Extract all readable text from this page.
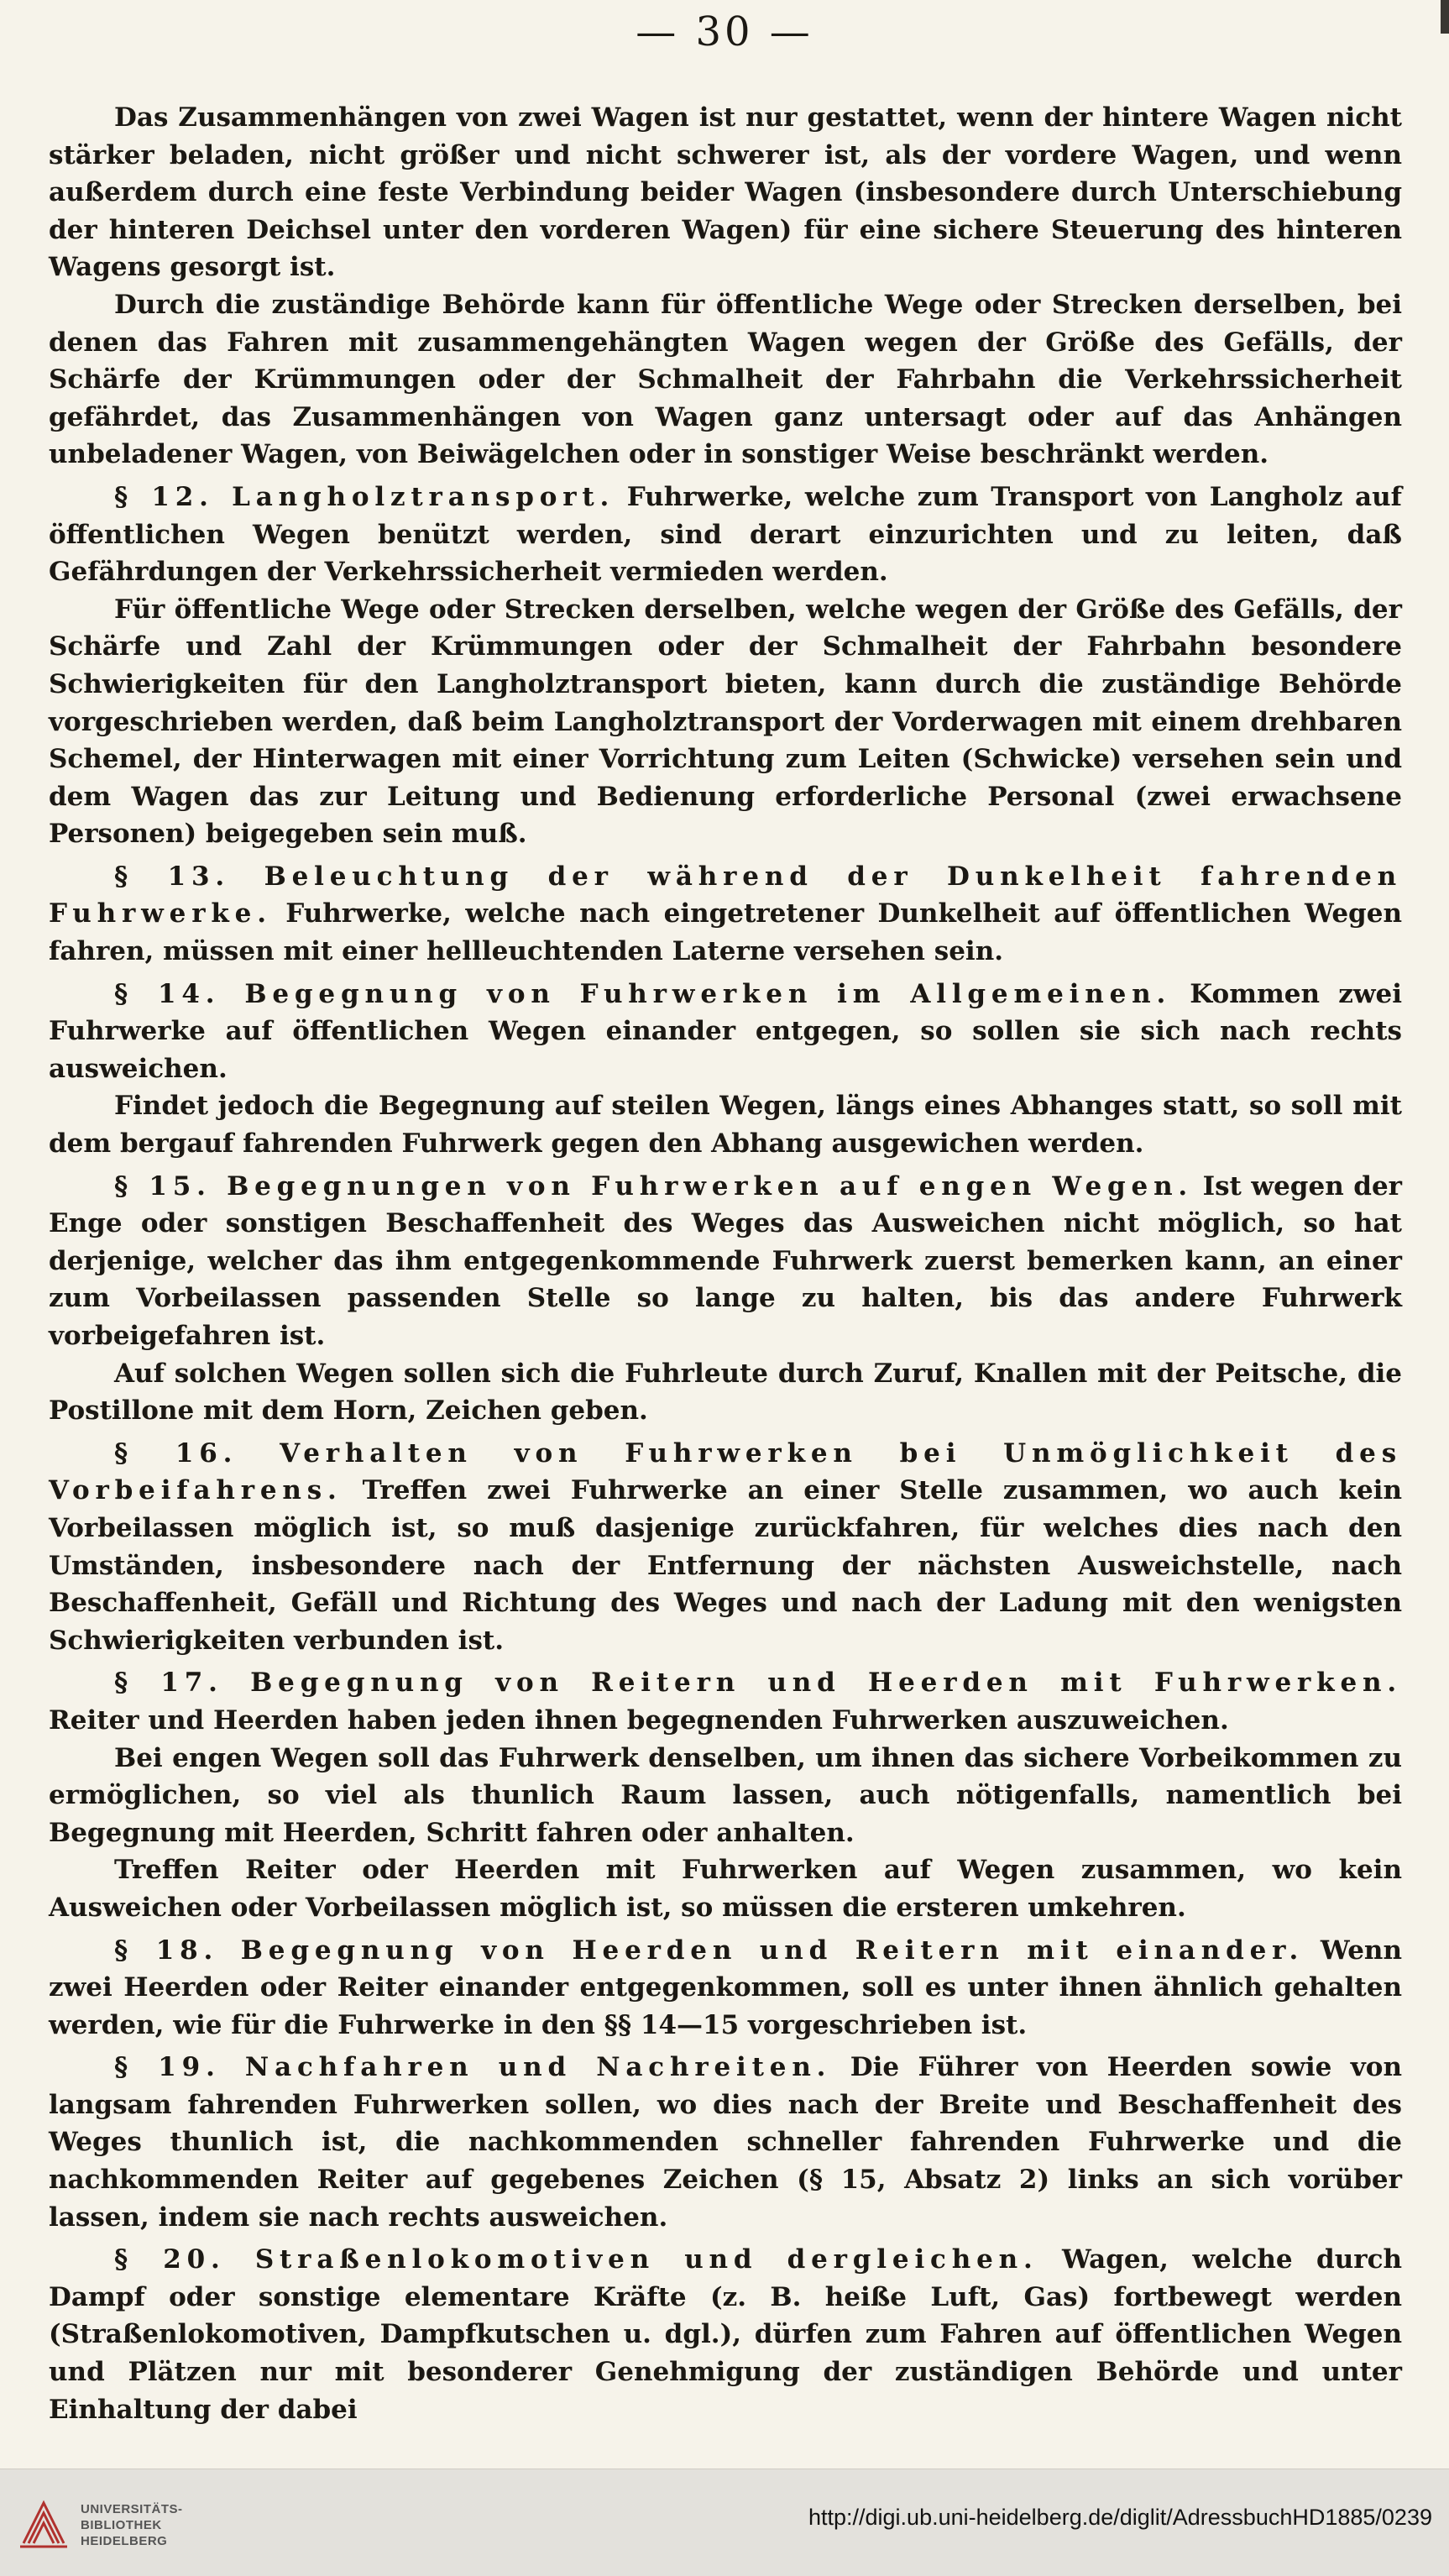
— 30 —

Das Zusammenhängen von zwei Wagen ist nur gestattet, wenn der hintere Wagen nicht stärker beladen, nicht größer und nicht schwerer ist, als der vordere Wagen, und wenn außerdem durch eine feste Verbindung beider Wagen (insbesondere durch Unterschiebung der hinteren Deichsel unter den vorderen Wagen) für eine sichere Steuerung des hinteren Wagens gesorgt ist.

Durch die zuständige Behörde kann für öffentliche Wege oder Strecken derselben, bei denen das Fahren mit zusammengehängten Wagen wegen der Größe des Gefälls, der Schärfe der Krümmungen oder der Schmalheit der Fahrbahn die Verkehrssicherheit gefährdet, das Zusammenhängen von Wagen ganz untersagt oder auf das Anhängen unbeladener Wagen, von Beiwägelchen oder in sonstiger Weise beschränkt werden.

§ 12. Langholztransport. Fuhrwerke, welche zum Transport von Langholz auf öffentlichen Wegen benützt werden, sind derart einzurichten und zu leiten, daß Gefährdungen der Verkehrssicherheit vermieden werden.

Für öffentliche Wege oder Strecken derselben, welche wegen der Größe des Gefälls, der Schärfe und Zahl der Krümmungen oder der Schmalheit der Fahrbahn besondere Schwierigkeiten für den Langholztransport bieten, kann durch die zuständige Behörde vorgeschrieben werden, daß beim Langholztransport der Vorderwagen mit einem drehbaren Schemel, der Hinterwagen mit einer Vorrichtung zum Leiten (Schwicke) versehen sein und dem Wagen das zur Leitung und Bedienung erforderliche Personal (zwei erwachsene Personen) beigegeben sein muß.

§ 13. Beleuchtung der während der Dunkelheit fahrenden Fuhrwerke. Fuhrwerke, welche nach eingetretener Dunkelheit auf öffentlichen Wegen fahren, müssen mit einer hellleuchtenden Laterne versehen sein.

§ 14. Begegnung von Fuhrwerken im Allgemeinen. Kommen zwei Fuhrwerke auf öffentlichen Wegen einander entgegen, so sollen sie sich nach rechts ausweichen.

Findet jedoch die Begegnung auf steilen Wegen, längs eines Abhanges statt, so soll mit dem bergauf fahrenden Fuhrwerk gegen den Abhang ausgewichen werden.

§ 15. Begegnungen von Fuhrwerken auf engen Wegen. Ist wegen der Enge oder sonstigen Beschaffenheit des Weges das Ausweichen nicht möglich, so hat derjenige, welcher das ihm entgegenkommende Fuhrwerk zuerst bemerken kann, an einer zum Vorbeilassen passenden Stelle so lange zu halten, bis das andere Fuhrwerk vorbeigefahren ist.

Auf solchen Wegen sollen sich die Fuhrleute durch Zuruf, Knallen mit der Peitsche, die Postillone mit dem Horn, Zeichen geben.

§ 16. Verhalten von Fuhrwerken bei Unmöglichkeit des Vorbeifahrens. Treffen zwei Fuhrwerke an einer Stelle zusammen, wo auch kein Vorbeilassen möglich ist, so muß dasjenige zurückfahren, für welches dies nach den Umständen, insbesondere nach der Entfernung der nächsten Ausweichstelle, nach Beschaffenheit, Gefäll und Richtung des Weges und nach der Ladung mit den wenigsten Schwierigkeiten verbunden ist.

§ 17. Begegnung von Reitern und Heerden mit Fuhrwerken. Reiter und Heerden haben jeden ihnen begegnenden Fuhrwerken auszuweichen.

Bei engen Wegen soll das Fuhrwerk denselben, um ihnen das sichere Vorbeikommen zu ermöglichen, so viel als thunlich Raum lassen, auch nötigenfalls, namentlich bei Begegnung mit Heerden, Schritt fahren oder anhalten.

Treffen Reiter oder Heerden mit Fuhrwerken auf Wegen zusammen, wo kein Ausweichen oder Vorbeilassen möglich ist, so müssen die ersteren umkehren.

§ 18. Begegnung von Heerden und Reitern mit einander. Wenn zwei Heerden oder Reiter einander entgegenkommen, soll es unter ihnen ähnlich gehalten werden, wie für die Fuhrwerke in den §§ 14—15 vorgeschrieben ist.

§ 19. Nachfahren und Nachreiten. Die Führer von Heerden sowie von langsam fahrenden Fuhrwerken sollen, wo dies nach der Breite und Beschaffenheit des Weges thunlich ist, die nachkommenden schneller fahrenden Fuhrwerke und die nachkommenden Reiter auf gegebenes Zeichen (§ 15, Absatz 2) links an sich vorüber lassen, indem sie nach rechts ausweichen.

§ 20. Straßenlokomotiven und dergleichen. Wagen, welche durch Dampf oder sonstige elementare Kräfte (z. B. heiße Luft, Gas) fortbewegt werden (Straßenlokomotiven, Dampfkutschen u. dgl.), dürfen zum Fahren auf öffentlichen Wegen und Plätzen nur mit besonderer Genehmigung der zuständigen Behörde und unter Einhaltung der dabei

UNIVERSITÄTS-
BIBLIOTHEK
HEIDELBERG
http://digi.ub.uni-heidelberg.de/diglit/AdressbuchHD1885/0239
